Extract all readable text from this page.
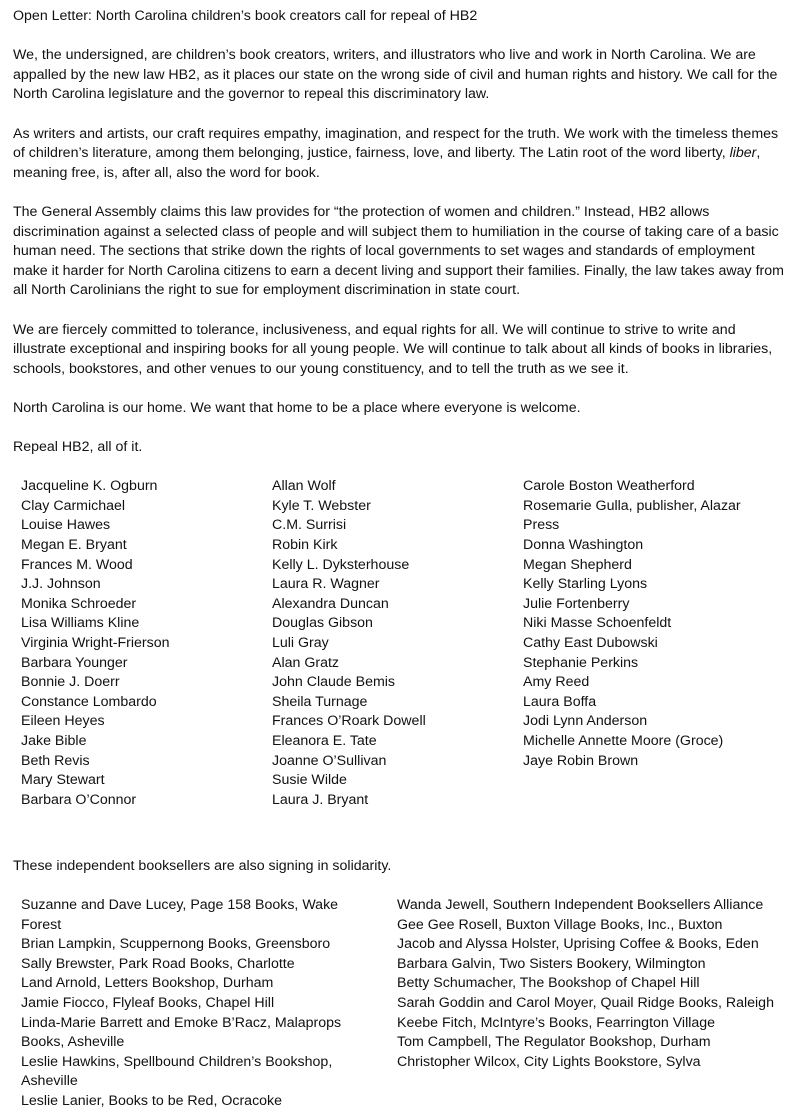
Open Letter: North Carolina children’s book creators call for repeal of HB2

We, the undersigned, are children’s book creators, writers, and illustrators who live and work in North Carolina. We are appalled by the new law HB2, as it places our state on the wrong side of civil and human rights and history. We call for the North Carolina legislature and the governor to repeal this discriminatory law.

As writers and artists, our craft requires empathy, imagination, and respect for the truth. We work with the timeless themes of children’s literature, among them belonging, justice, fairness, love, and liberty. The Latin root of the word liberty, liber, meaning free, is, after all, also the word for book.

The General Assembly claims this law provides for “the protection of women and children.” Instead, HB2 allows discrimination against a selected class of people and will subject them to humiliation in the course of taking care of a basic human need. The sections that strike down the rights of local governments to set wages and standards of employment make it harder for North Carolina citizens to earn a decent living and support their families. Finally, the law takes away from all North Carolinians the right to sue for employment discrimination in state court.

We are fiercely committed to tolerance, inclusiveness, and equal rights for all. We will continue to strive to write and illustrate exceptional and inspiring books for all young people. We will continue to talk about all kinds of books in libraries, schools, bookstores, and other venues to our young constituency, and to tell the truth as we see it.

North Carolina is our home. We want that home to be a place where everyone is welcome.

Repeal HB2, all of it.

Jacqueline K. Ogburn
Clay Carmichael
Louise Hawes
Megan E. Bryant
Frances M. Wood
J.J. Johnson
Monika Schroeder
Lisa Williams Kline
Virginia Wright-Frierson
Barbara Younger
Bonnie J. Doerr
Constance Lombardo
Eileen Heyes
Jake Bible
Beth Revis
Mary Stewart
Barbara O’Connor
Allan Wolf
Kyle T. Webster
C.M. Surrisi
Robin Kirk
Kelly L. Dyksterhouse
Laura R. Wagner
Alexandra Duncan
Douglas Gibson
Luli Gray
Alan Gratz
John Claude Bemis
Sheila Turnage
Frances O’Roark Dowell
Eleanora E. Tate
Joanne O’Sullivan
Susie Wilde
Laura J. Bryant
Carole Boston Weatherford
Rosemarie Gulla, publisher, Alazar Press
Donna Washington
Megan Shepherd
Kelly Starling Lyons
Julie Fortenberry
Niki Masse Schoenfeldt
Cathy East Dubowski
Stephanie Perkins
Amy Reed
Laura Boffa
Jodi Lynn Anderson
Michelle Annette Moore (Groce)
Jaye Robin Brown

These independent booksellers are also signing in solidarity.

Suzanne and Dave Lucey, Page 158 Books, Wake Forest
Brian Lampkin, Scuppernong Books, Greensboro
Sally Brewster, Park Road Books, Charlotte
Land Arnold, Letters Bookshop, Durham
Jamie Fiocco, Flyleaf Books, Chapel Hill
Linda-Marie Barrett and Emoke B’Racz, Malaprops Books, Asheville
Leslie Hawkins, Spellbound Children’s Bookshop, Asheville
Leslie Lanier, Books to be Red, Ocracoke
Wanda Jewell, Southern Independent Booksellers Alliance
Gee Gee Rosell, Buxton Village Books, Inc., Buxton
Jacob and Alyssa Holster, Uprising Coffee & Books, Eden
Barbara Galvin, Two Sisters Bookery, Wilmington
Betty Schumacher, The Bookshop of Chapel Hill
Sarah Goddin and Carol Moyer, Quail Ridge Books, Raleigh
Keebe Fitch, McIntyre’s Books, Fearrington Village
Tom Campbell, The Regulator Bookshop, Durham
Christopher Wilcox, City Lights Bookstore, Sylva
